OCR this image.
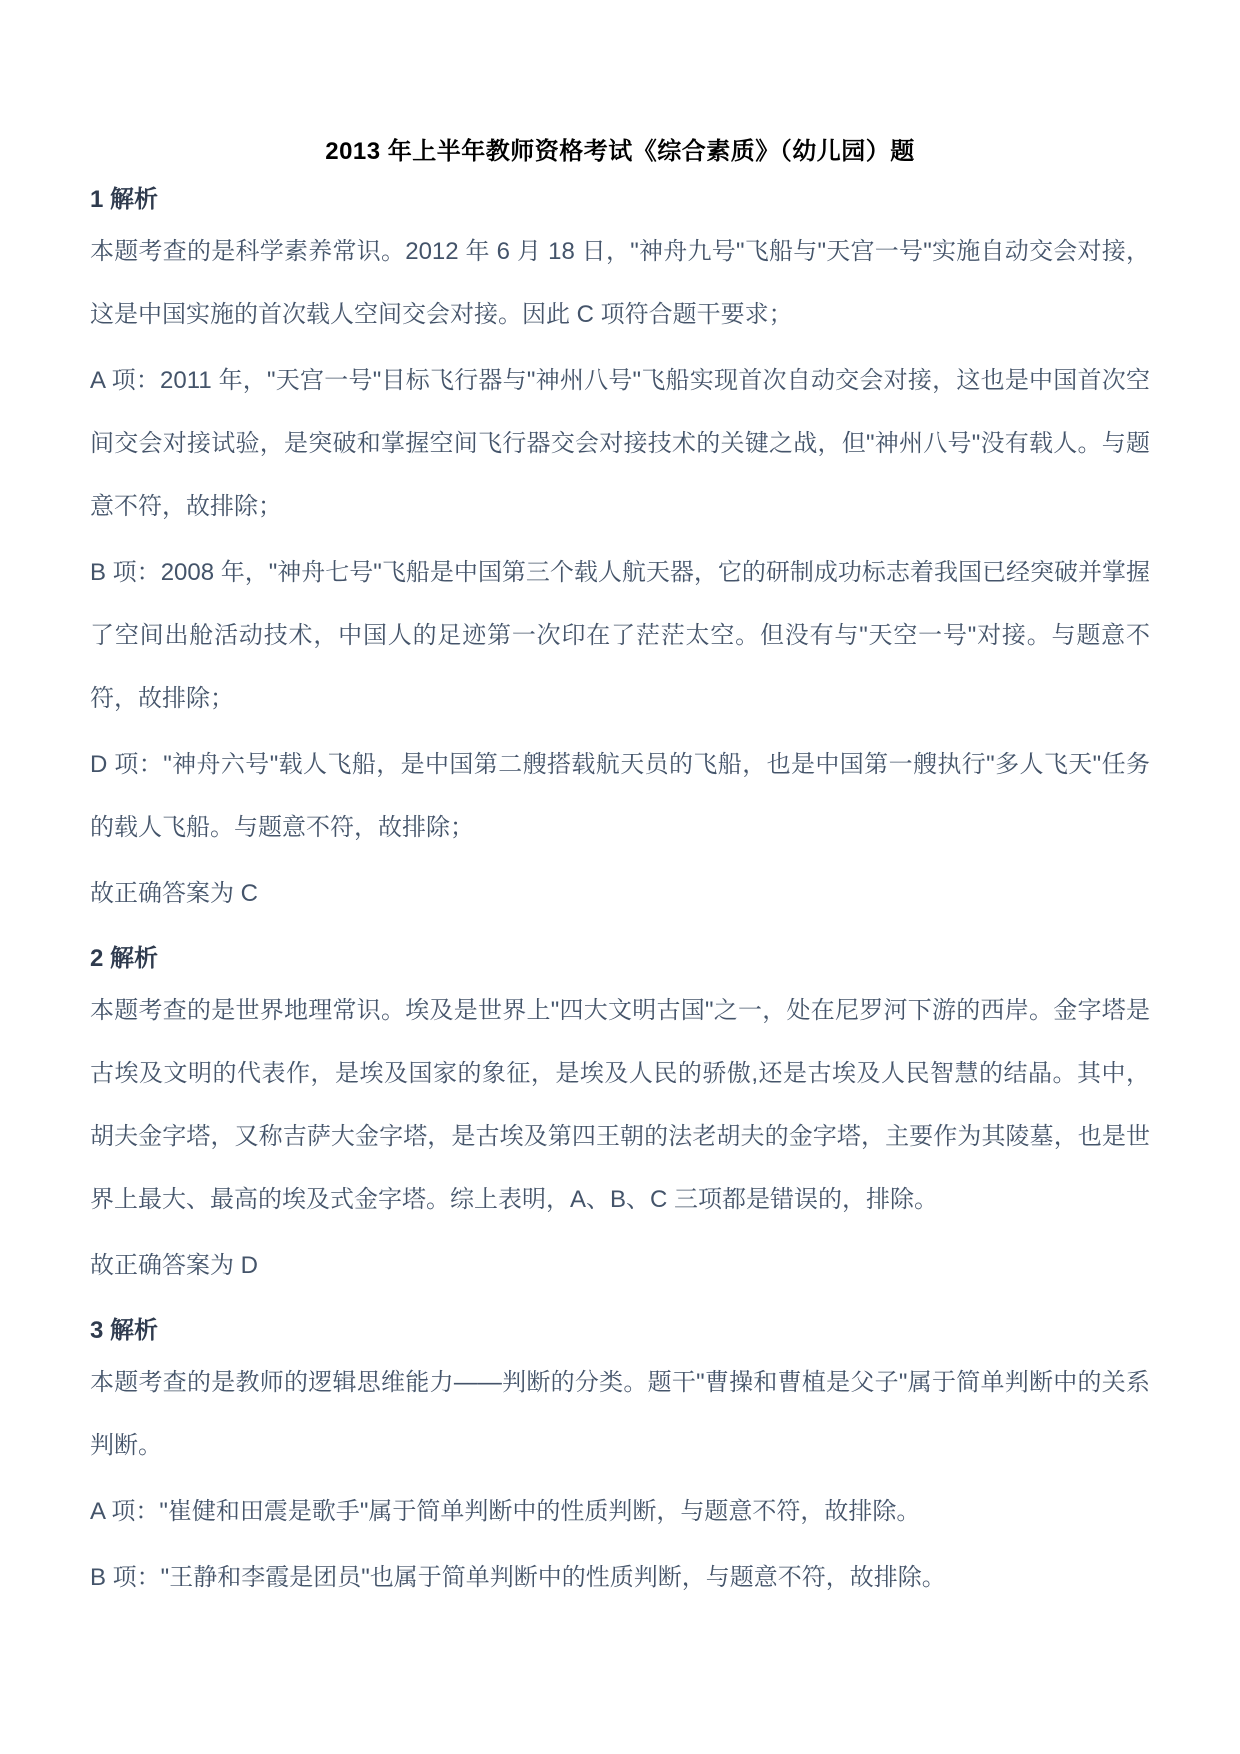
2013 年上半年教师资格考试《综合素质》（幼儿园）题
1 解析

本题考查的是科学素养常识。2012 年 6 月 18 日，"神舟九号"飞船与"天宫一号"实施自动交会对接，这是中国实施的首次载人空间交会对接。因此 C 项符合题干要求；

A 项：2011 年，"天宫一号"目标飞行器与"神州八号"飞船实现首次自动交会对接，这也是中国首次空间交会对接试验，是突破和掌握空间飞行器交会对接技术的关键之战，但"神州八号"没有载人。与题意不符，故排除；

B 项：2008 年，"神舟七号"飞船是中国第三个载人航天器，它的研制成功标志着我国已经突破并掌握了空间出舱活动技术，中国人的足迹第一次印在了茫茫太空。但没有与"天空一号"对接。与题意不符，故排除；

D 项："神舟六号"载人飞船，是中国第二艘搭载航天员的飞船，也是中国第一艘执行"多人飞天"任务的载人飞船。与题意不符，故排除；

故正确答案为 C

2 解析

本题考查的是世界地理常识。埃及是世界上"四大文明古国"之一，处在尼罗河下游的西岸。金字塔是古埃及文明的代表作，是埃及国家的象征，是埃及人民的骄傲,还是古埃及人民智慧的结晶。其中，胡夫金字塔，又称吉萨大金字塔，是古埃及第四王朝的法老胡夫的金字塔，主要作为其陵墓，也是世界上最大、最高的埃及式金字塔。综上表明，A、B、C 三项都是错误的，排除。

故正确答案为 D

3 解析

本题考查的是教师的逻辑思维能力——判断的分类。题干"曹操和曹植是父子"属于简单判断中的关系判断。

A 项："崔健和田震是歌手"属于简单判断中的性质判断，与题意不符，故排除。

B 项："王静和李霞是团员"也属于简单判断中的性质判断，与题意不符，故排除。
